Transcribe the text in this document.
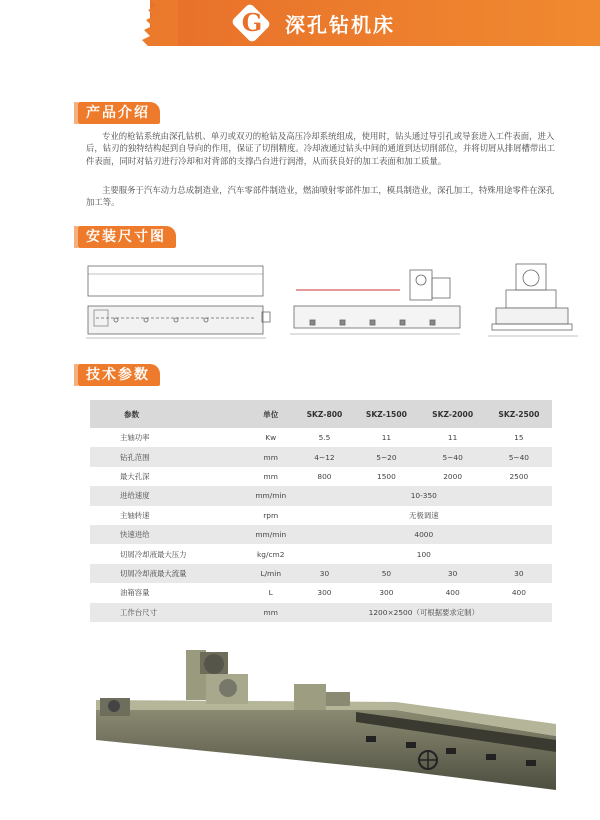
G 深孔钻机床
产品介绍

专业的枪钻系统由深孔钻机、单刃或双刃的枪钻及高压冷却系统组成，使用时，钻头通过导引孔或导套进入工件表面，进入后，钻刃的独特结构起到自导向的作用，保证了切削精度。冷却液通过钻头中间的通道到达切削部位，并将切屑从排屑槽带出工件表面，同时对钻刃进行冷却和对背部的支撑凸台进行润滑，从而获良好的加工表面和加工质量。

主要服务于汽车动力总成制造业，汽车零部件制造业，燃油喷射零部件加工，模具制造业，深孔加工，特殊用途零件在深孔加工等。

安装尺寸图
技术参数
参数	单位	SKZ-800	SKZ-1500	SKZ-2000	SKZ-2500
主轴功率	Kw	5.5	11	11	15
钻孔范围	mm	4~12	5~20	5~40	5~40
最大孔深	mm	800	1500	2000	2500
进给速度	mm/min	10-350			
主轴转速	rpm	无极调速			
快速进给	mm/min	4000			
切屑冷却液最大压力	kg/cm2	100			
切屑冷却液最大流量	L/min	30	50	30	30
油箱容量	L	300	300	400	400
工作台尺寸	mm	1200×2500（可根据要求定制）			
